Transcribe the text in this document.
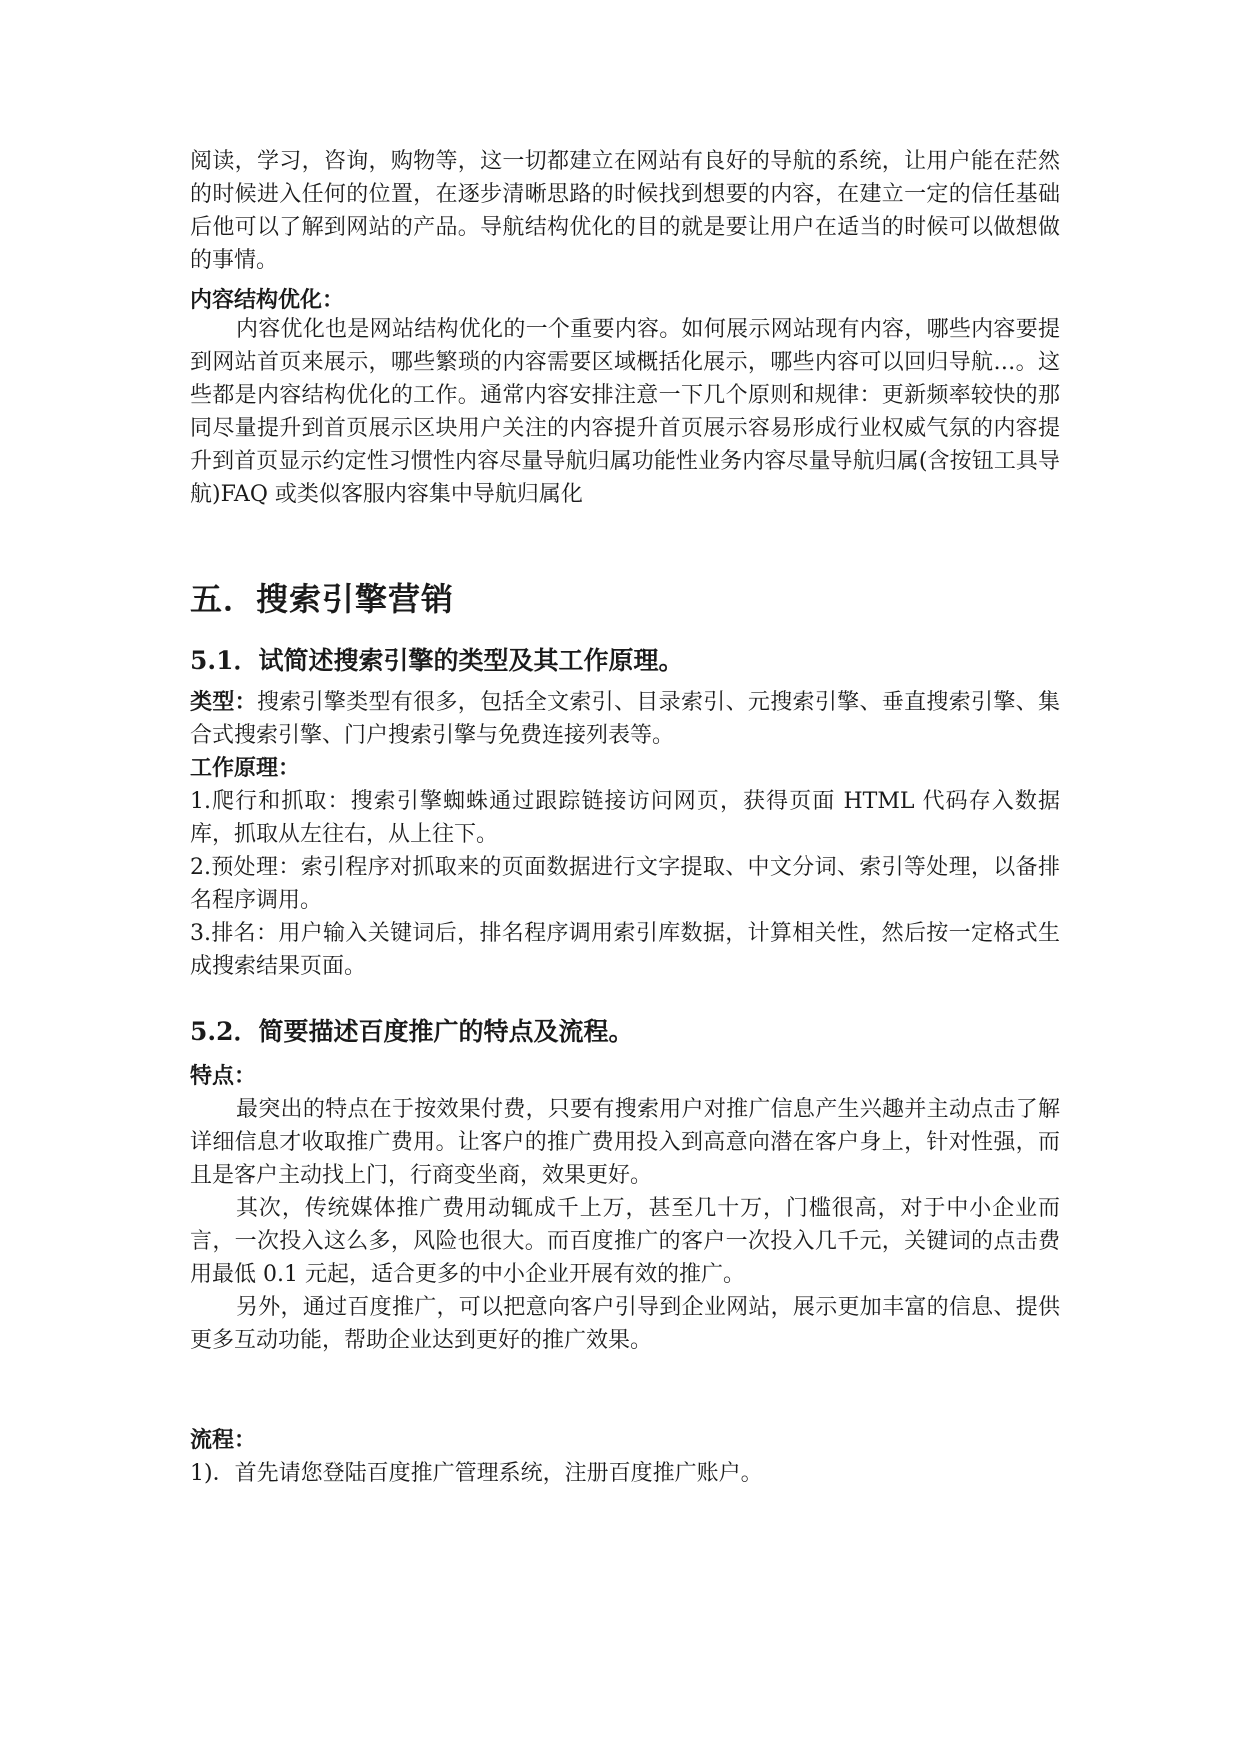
阅读，学习，咨询，购物等，这一切都建立在网站有良好的导航的系统，让用户能在茫然的时候进入任何的位置，在逐步清晰思路的时候找到想要的内容，在建立一定的信任基础后他可以了解到网站的产品。导航结构优化的目的就是要让用户在适当的时候可以做想做的事情。

内容结构优化：

内容优化也是网站结构优化的一个重要内容。如何展示网站现有内容，哪些内容要提到网站首页来展示，哪些繁琐的内容需要区域概括化展示，哪些内容可以回归导航…。这些都是内容结构优化的工作。通常内容安排注意一下几个原则和规律：更新频率较快的那同尽量提升到首页展示区块用户关注的内容提升首页展示容易形成行业权威气氛的内容提升到首页显示约定性习惯性内容尽量导航归属功能性业务内容尽量导航归属(含按钮工具导航)FAQ 或类似客服内容集中导航归属化

五．搜索引擎营销
5.1．试简述搜索引擎的类型及其工作原理。

类型：搜索引擎类型有很多，包括全文索引、目录索引、元搜索引擎、垂直搜索引擎、集合式搜索引擎、门户搜索引擎与免费连接列表等。

工作原理：

1.爬行和抓取：搜索引擎蜘蛛通过跟踪链接访问网页，获得页面 HTML 代码存入数据库，抓取从左往右，从上往下。

2.预处理：索引程序对抓取来的页面数据进行文字提取、中文分词、索引等处理，以备排名程序调用。

3.排名：用户输入关键词后，排名程序调用索引库数据，计算相关性，然后按一定格式生成搜索结果页面。

5.2．简要描述百度推广的特点及流程。
特点：

最突出的特点在于按效果付费，只要有搜索用户对推广信息产生兴趣并主动点击了解详细信息才收取推广费用。让客户的推广费用投入到高意向潜在客户身上，针对性强，而且是客户主动找上门，行商变坐商，效果更好。

其次，传统媒体推广费用动辄成千上万，甚至几十万，门槛很高，对于中小企业而言，一次投入这么多，风险也很大。而百度推广的客户一次投入几千元，关键词的点击费用最低 0.1 元起，适合更多的中小企业开展有效的推广。

另外，通过百度推广，可以把意向客户引导到企业网站，展示更加丰富的信息、提供更多互动功能，帮助企业达到更好的推广效果。

流程：

1)．首先请您登陆百度推广管理系统，注册百度推广账户。
